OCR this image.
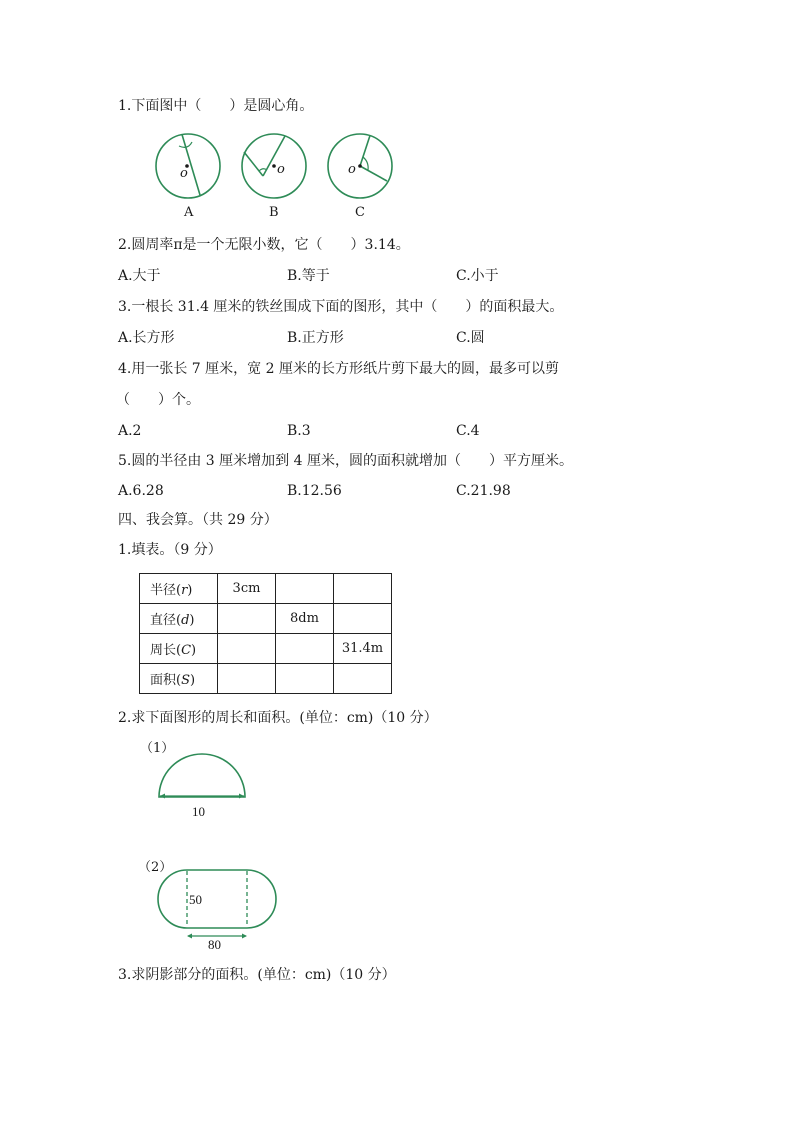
1.下面图中（　　）是圆心角。
o
A
o
B
o
C
2.圆周率π是一个无限小数，它（　　）3.14。
A.大于	B.等于	C.小于
3.一根长 31.4 厘米的铁丝围成下面的图形，其中（　　）的面积最大。
A.长方形	B.正方形	C.圆
4.用一张长 7 厘米，宽 2 厘米的长方形纸片剪下最大的圆，最多可以剪
（　　）个。
A.2	B.3	C.4
5.圆的半径由 3 厘米增加到 4 厘米，圆的面积就增加（　　）平方厘米。
A.6.28	B.12.56	C.21.98
四、我会算。（共 29 分）
1.填表。（9 分）
半径(r)	3cm		
直径(d)		8dm	
周长(C)			31.4m
面积(S)			
2.求下面图形的周长和面积。(单位：cm)（10 分）
（1）
10
（2）
50
80
3.求阴影部分的面积。(单位：cm)（10 分）
